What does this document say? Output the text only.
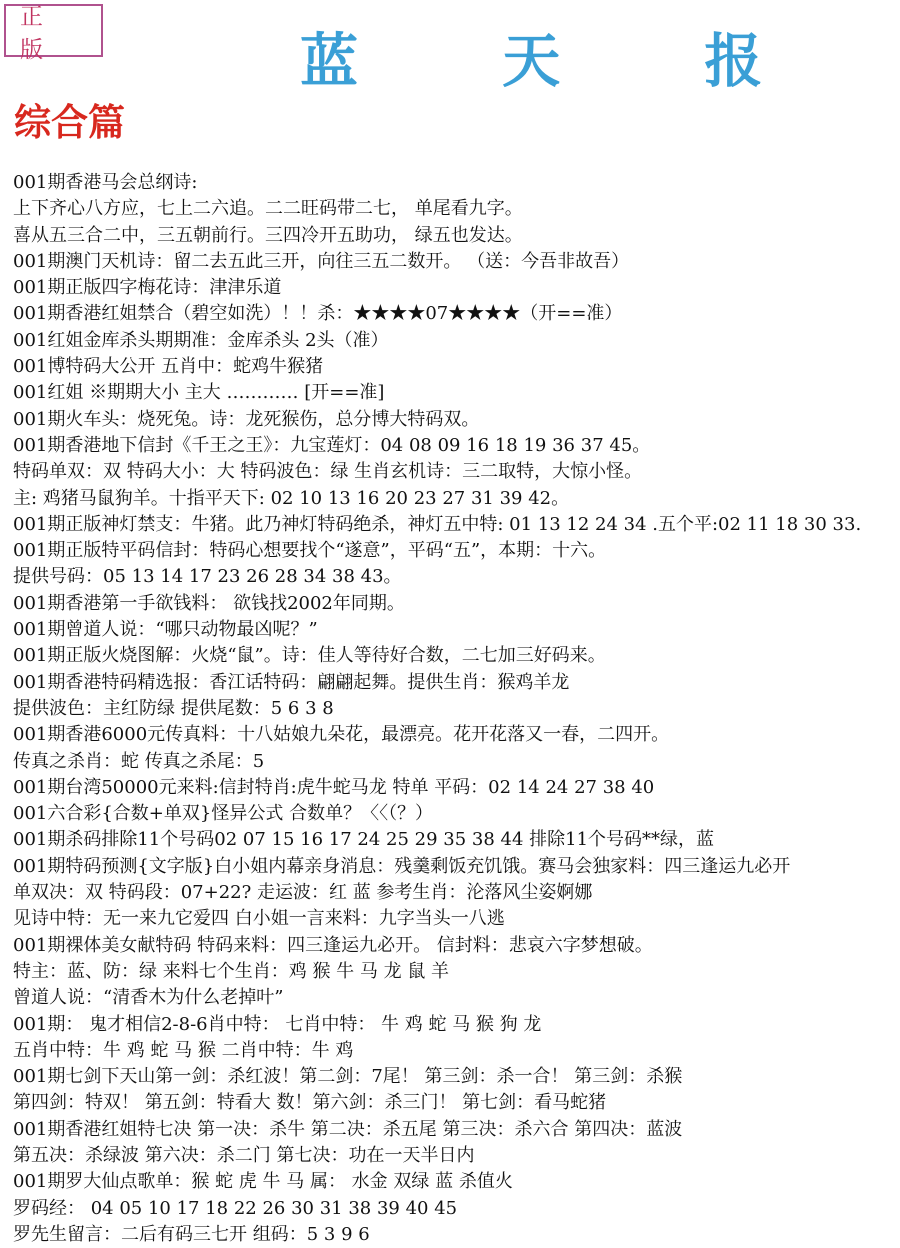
正 版	蓝 天 报
综合篇
001期香港马会总纲诗:
上下齐心八方应，七上二六追。二二旺码带二七， 单尾看九字。
喜从五三合二中，三五朝前行。三四冷开五助功， 绿五也发达。
001期澳门天机诗：留二去五此三开，向往三五二数开。 （送：今吾非故吾）
001期正版四字梅花诗：津津乐道
001期香港红姐禁合（碧空如洗）！！杀：★★★★07★★★★（开==准）
001红姐金库杀头期期准：金库杀头 2头（准）
001博特码大公开 五肖中：蛇鸡牛猴猪
001红姐 ※期期大小 主大 ………… [开==准]
001期火车头：烧死兔。诗：龙死猴伤，总分博大特码双。
001期香港地下信封《千王之王》：九宝莲灯：04 08 09 16 18 19 36 37 45。
特码单双：双 特码大小：大 特码波色：绿 生肖玄机诗：三二取特，大惊小怪。
主: 鸡猪马鼠狗羊。十指平天下: 02 10 13 16 20 23 27 31 39 42。
001期正版神灯禁支：牛猪。此乃神灯特码绝杀，神灯五中特: 01 13 12 24 34 .五个平:02 11 18 30 33.
001期正版特平码信封：特码心想要找个“遂意”，平码“五”，本期：十六。
提供号码：05 13 14 17 23 26 28 34 38 43。
001期香港第一手欲钱料： 欲钱找2002年同期。
001期曾道人说：“哪只动物最凶呢？”
001期正版火烧图解：火烧“鼠”。诗：佳人等待好合数，二七加三好码来。
001期香港特码精选报：香江话特码：翩翩起舞。提供生肖：猴鸡羊龙
提供波色：主红防绿 提供尾数：5 6 3 8
001期香港6000元传真料：十八姑娘九朵花，最漂亮。花开花落又一春，二四开。
传真之杀肖：蛇 传真之杀尾：5
001期台湾50000元来料:信封特肖:虎牛蛇马龙 特单 平码：02 14 24 27 38 40
001六合彩{合数+单双}怪异公式 合数单？〈〈（？）
001期杀码排除11个号码02 07 15 16 17 24 25 29 35 38 44 排除11个号码**绿，蓝
001期特码预测{文字版}白小姐内幕亲身消息：残羹剩饭充饥饿。赛马会独家料：四三逢运九必开
单双决：双 特码段：07+22? 走运波：红 蓝 参考生肖：沦落风尘姿婀娜
见诗中特：无一来九它爱四 白小姐一言来料：九字当头一八逃
001期裸体美女献特码 特码来料：四三逢运九必开。 信封料：悲哀六字梦想破。
特主：蓝、防：绿 来料七个生肖：鸡 猴 牛 马 龙 鼠 羊
曾道人说：“清香木为什么老掉叶”
001期： 鬼才相信2-8-6肖中特： 七肖中特： 牛 鸡 蛇 马 猴 狗 龙
五肖中特：牛 鸡 蛇 马 猴 二肖中特：牛 鸡
001期七剑下天山第一剑：杀红波！第二剑：7尾！ 第三剑：杀一合！ 第三剑：杀猴
第四剑：特双！ 第五剑：特看大 数！第六剑：杀三门！ 第七剑：看马蛇猪
001期香港红姐特七决 第一决：杀牛 第二决：杀五尾 第三决：杀六合 第四决：蓝波
第五决：杀绿波 第六决：杀二门 第七决：功在一天半日内
001期罗大仙点歌单：猴 蛇 虎 牛 马 属： 水金 双绿 蓝 杀值火
罗码经： 04 05 10 17 18 22 26 30 31 38 39 40 45
罗先生留言：二后有码三七开 组码：5 3 9 6
